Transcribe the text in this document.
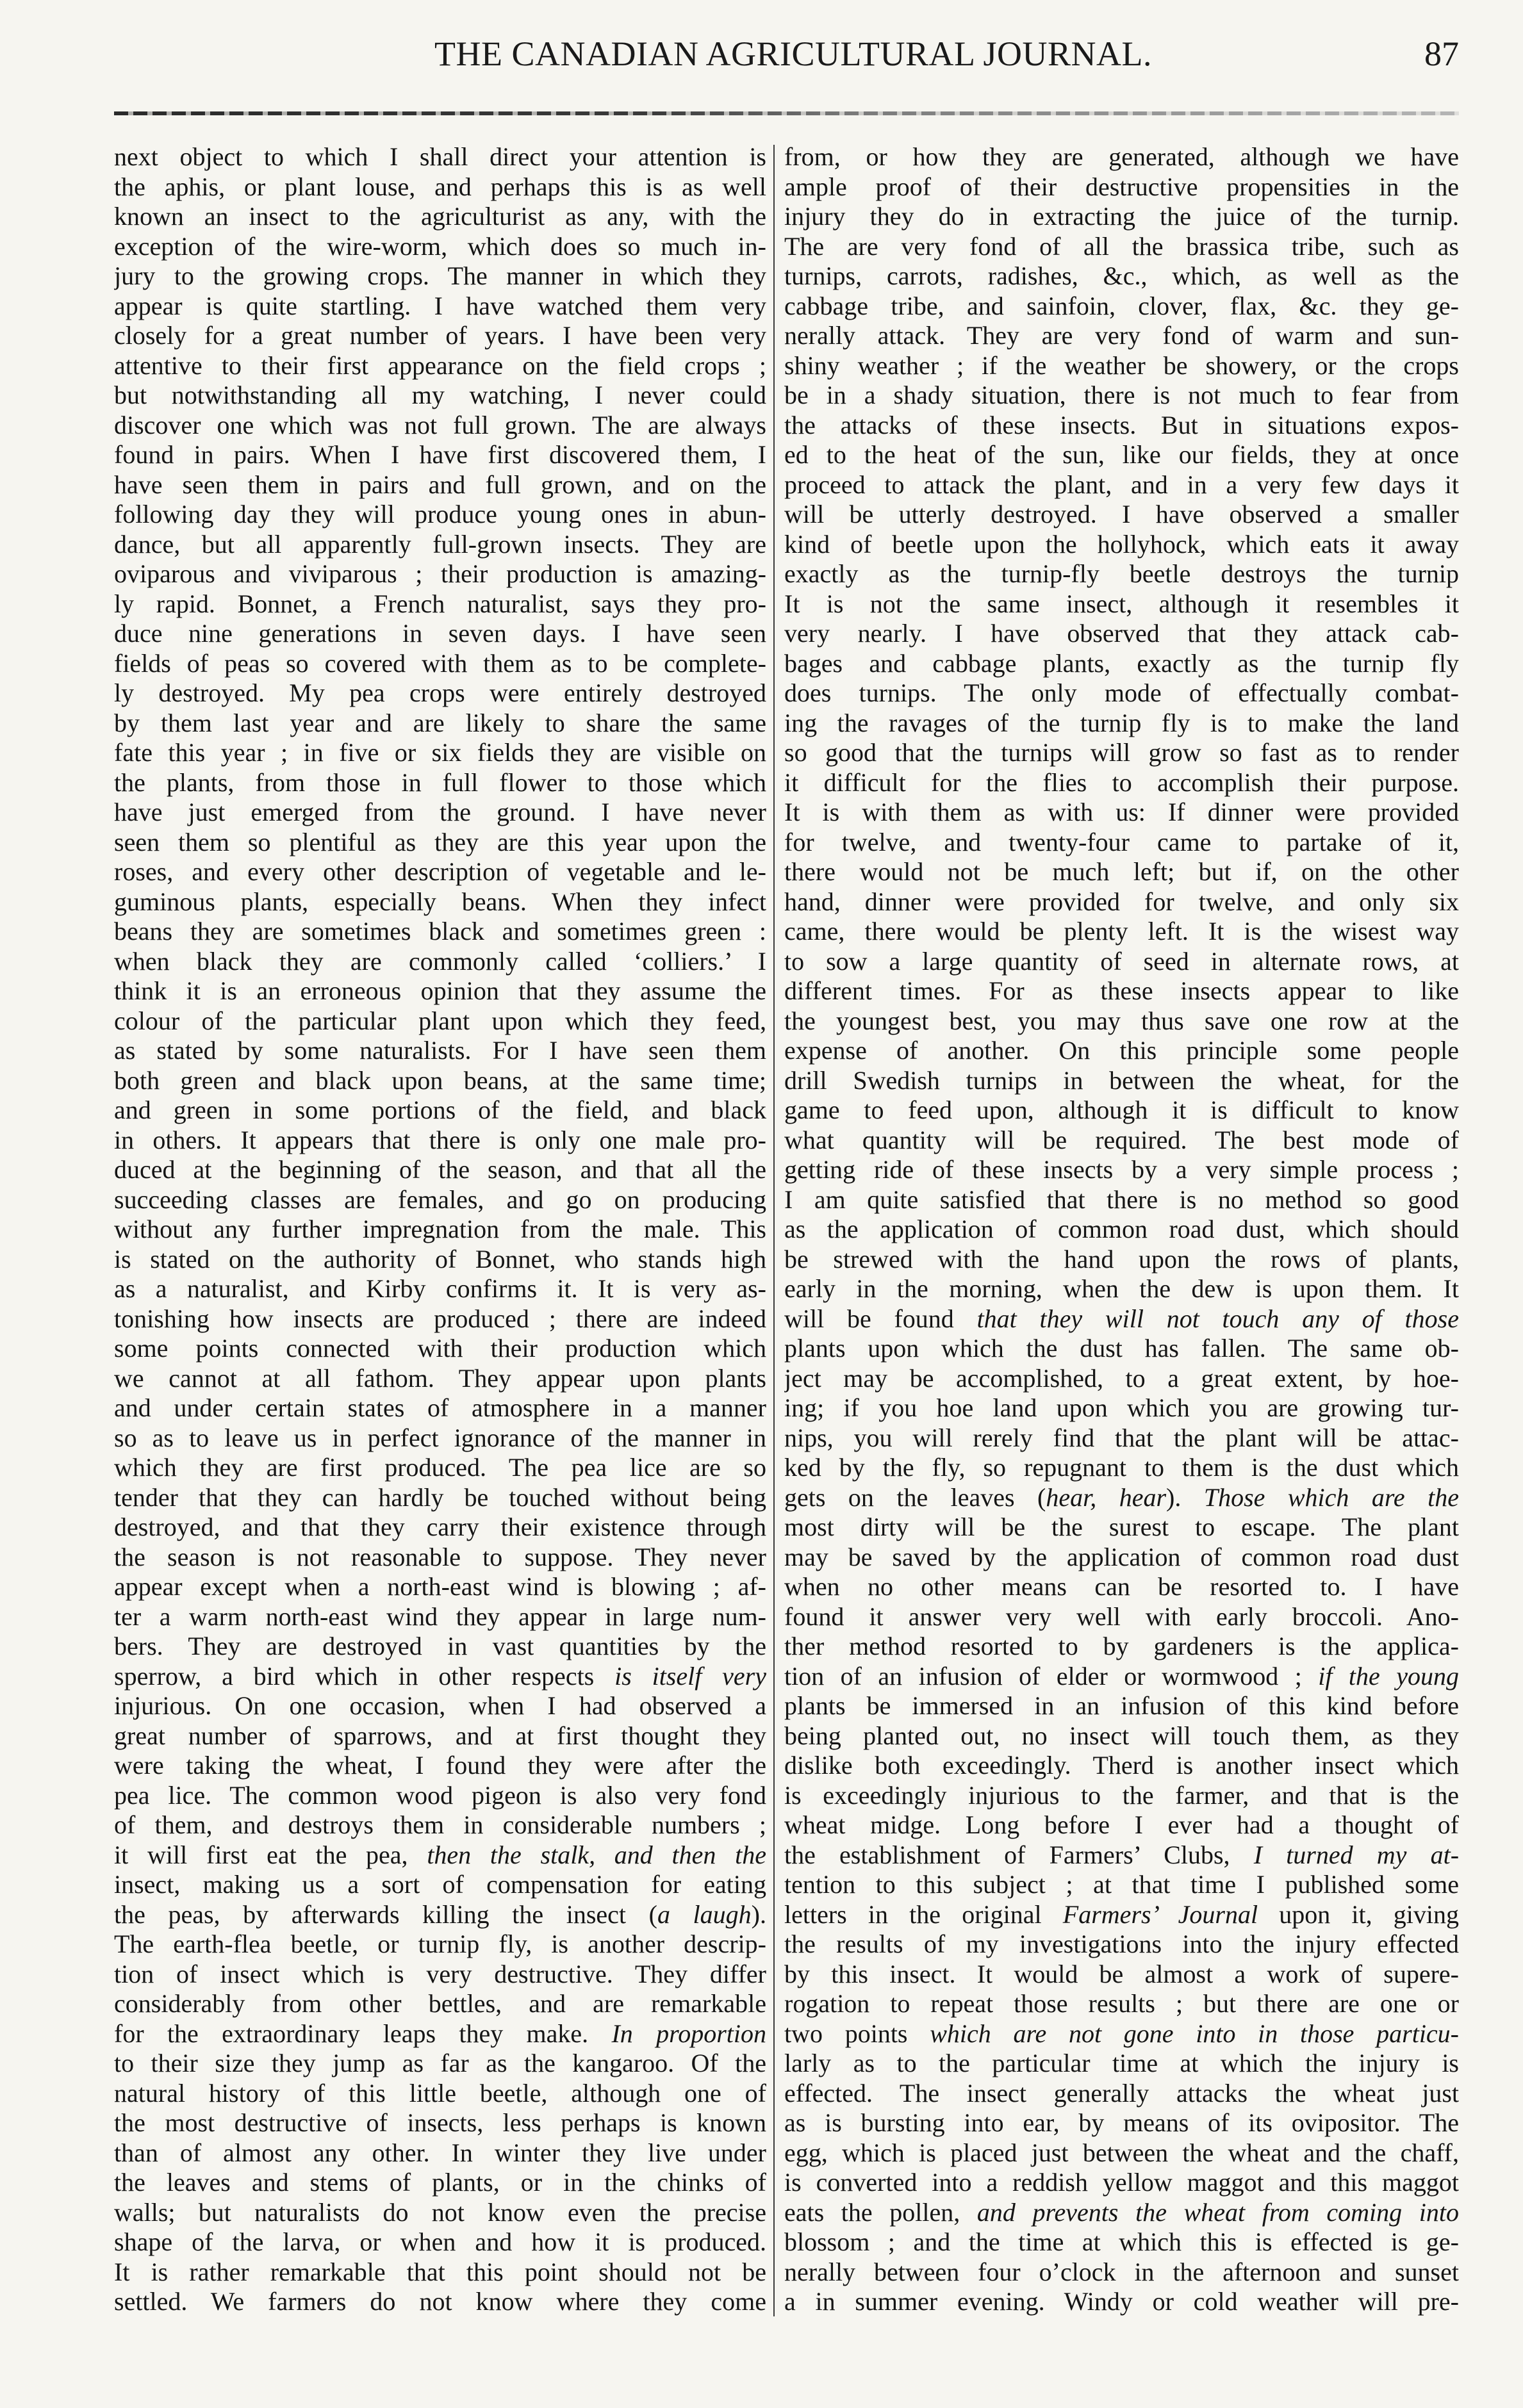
THE CANADIAN AGRICULTURAL JOURNAL.	87
next object to which I shall direct your attention is
the aphis, or plant louse, and perhaps this is as well
known an insect to the agriculturist as any, with the
exception of the wire-worm, which does so much in-
jury to the growing crops. The manner in which they
appear is quite startling. I have watched them very
closely for a great number of years. I have been very
attentive to their first appearance on the field crops ;
but notwithstanding all my watching, I never could
discover one which was not full grown. The are always
found in pairs. When I have first discovered them, I
have seen them in pairs and full grown, and on the
following day they will produce young ones in abun-
dance, but all apparently full-grown insects. They are
oviparous and viviparous ; their production is amazing-
ly rapid. Bonnet, a French naturalist, says they pro-
duce nine generations in seven days. I have seen
fields of peas so covered with them as to be complete-
ly destroyed. My pea crops were entirely destroyed
by them last year and are likely to share the same
fate this year ; in five or six fields they are visible on
the plants, from those in full flower to those which
have just emerged from the ground. I have never
seen them so plentiful as they are this year upon the
roses, and every other description of vegetable and le-
guminous plants, especially beans. When they infect
beans they are sometimes black and sometimes green :
when black they are commonly called ‘colliers.’ I
think it is an erroneous opinion that they assume the
colour of the particular plant upon which they feed,
as stated by some naturalists. For I have seen them
both green and black upon beans, at the same time;
and green in some portions of the field, and black
in others. It appears that there is only one male pro-
duced at the beginning of the season, and that all the
succeeding classes are females, and go on producing
without any further impregnation from the male. This
is stated on the authority of Bonnet, who stands high
as a naturalist, and Kirby confirms it. It is very as-
tonishing how insects are produced ; there are indeed
some points connected with their production which
we cannot at all fathom. They appear upon plants
and under certain states of atmosphere in a manner
so as to leave us in perfect ignorance of the manner in
which they are first produced. The pea lice are so
tender that they can hardly be touched without being
destroyed, and that they carry their existence through
the season is not reasonable to suppose. They never
appear except when a north-east wind is blowing ; af-
ter a warm north-east wind they appear in large num-
bers. They are destroyed in vast quantities by the
sperrow, a bird which in other respects is itself very
injurious. On one occasion, when I had observed a
great number of sparrows, and at first thought they
were taking the wheat, I found they were after the
pea lice. The common wood pigeon is also very fond
of them, and destroys them in considerable numbers ;
it will first eat the pea, then the stalk, and then the
insect, making us a sort of compensation for eating
the peas, by afterwards killing the insect (a laugh).
The earth-flea beetle, or turnip fly, is another descrip-
tion of insect which is very destructive. They differ
considerably from other bettles, and are remarkable
for the extraordinary leaps they make. In proportion
to their size they jump as far as the kangaroo. Of the
natural history of this little beetle, although one of
the most destructive of insects, less perhaps is known
than of almost any other. In winter they live under
the leaves and stems of plants, or in the chinks of
walls; but naturalists do not know even the precise
shape of the larva, or when and how it is produced.
It is rather remarkable that this point should not be
settled. We farmers do not know where they come
from, or how they are generated, although we have
ample proof of their destructive propensities in the
injury they do in extracting the juice of the turnip.
The are very fond of all the brassica tribe, such as
turnips, carrots, radishes, &c., which, as well as the
cabbage tribe, and sainfoin, clover, flax, &c. they ge-
nerally attack. They are very fond of warm and sun-
shiny weather ; if the weather be showery, or the crops
be in a shady situation, there is not much to fear from
the attacks of these insects. But in situations expos-
ed to the heat of the sun, like our fields, they at once
proceed to attack the plant, and in a very few days it
will be utterly destroyed. I have observed a smaller
kind of beetle upon the hollyhock, which eats it away
exactly as the turnip-fly beetle destroys the turnip
It is not the same insect, although it resembles it
very nearly. I have observed that they attack cab-
bages and cabbage plants, exactly as the turnip fly
does turnips. The only mode of effectually combat-
ing the ravages of the turnip fly is to make the land
so good that the turnips will grow so fast as to render
it difficult for the flies to accomplish their purpose.
It is with them as with us: If dinner were provided
for twelve, and twenty-four came to partake of it,
there would not be much left; but if, on the other
hand, dinner were provided for twelve, and only six
came, there would be plenty left. It is the wisest way
to sow a large quantity of seed in alternate rows, at
different times. For as these insects appear to like
the youngest best, you may thus save one row at the
expense of another. On this principle some people
drill Swedish turnips in between the wheat, for the
game to feed upon, although it is difficult to know
what quantity will be required. The best mode of
getting ride of these insects by a very simple process ;
I am quite satisfied that there is no method so good
as the application of common road dust, which should
be strewed with the hand upon the rows of plants,
early in the morning, when the dew is upon them. It
will be found that they will not touch any of those
plants upon which the dust has fallen. The same ob-
ject may be accomplished, to a great extent, by hoe-
ing; if you hoe land upon which you are growing tur-
nips, you will rerely find that the plant will be attac-
ked by the fly, so repugnant to them is the dust which
gets on the leaves (hear, hear). Those which are the
most dirty will be the surest to escape. The plant
may be saved by the application of common road dust
when no other means can be resorted to. I have
found it answer very well with early broccoli. Ano-
ther method resorted to by gardeners is the applica-
tion of an infusion of elder or wormwood ; if the young
plants be immersed in an infusion of this kind before
being planted out, no insect will touch them, as they
dislike both exceedingly. Therd is another insect which
is exceedingly injurious to the farmer, and that is the
wheat midge. Long before I ever had a thought of
the establishment of Farmers’ Clubs, I turned my at-
tention to this subject ; at that time I published some
letters in the original Farmers’ Journal upon it, giving
the results of my investigations into the injury effected
by this insect. It would be almost a work of supere-
rogation to repeat those results ; but there are one or
two points which are not gone into in those particu-
larly as to the particular time at which the injury is
effected. The insect generally attacks the wheat just
as is bursting into ear, by means of its ovipositor. The
egg, which is placed just between the wheat and the chaff,
is converted into a reddish yellow maggot and this maggot
eats the pollen, and prevents the wheat from coming into
blossom ; and the time at which this is effected is ge-
nerally between four o’clock in the afternoon and sunset
a in summer evening. Windy or cold weather will pre-
